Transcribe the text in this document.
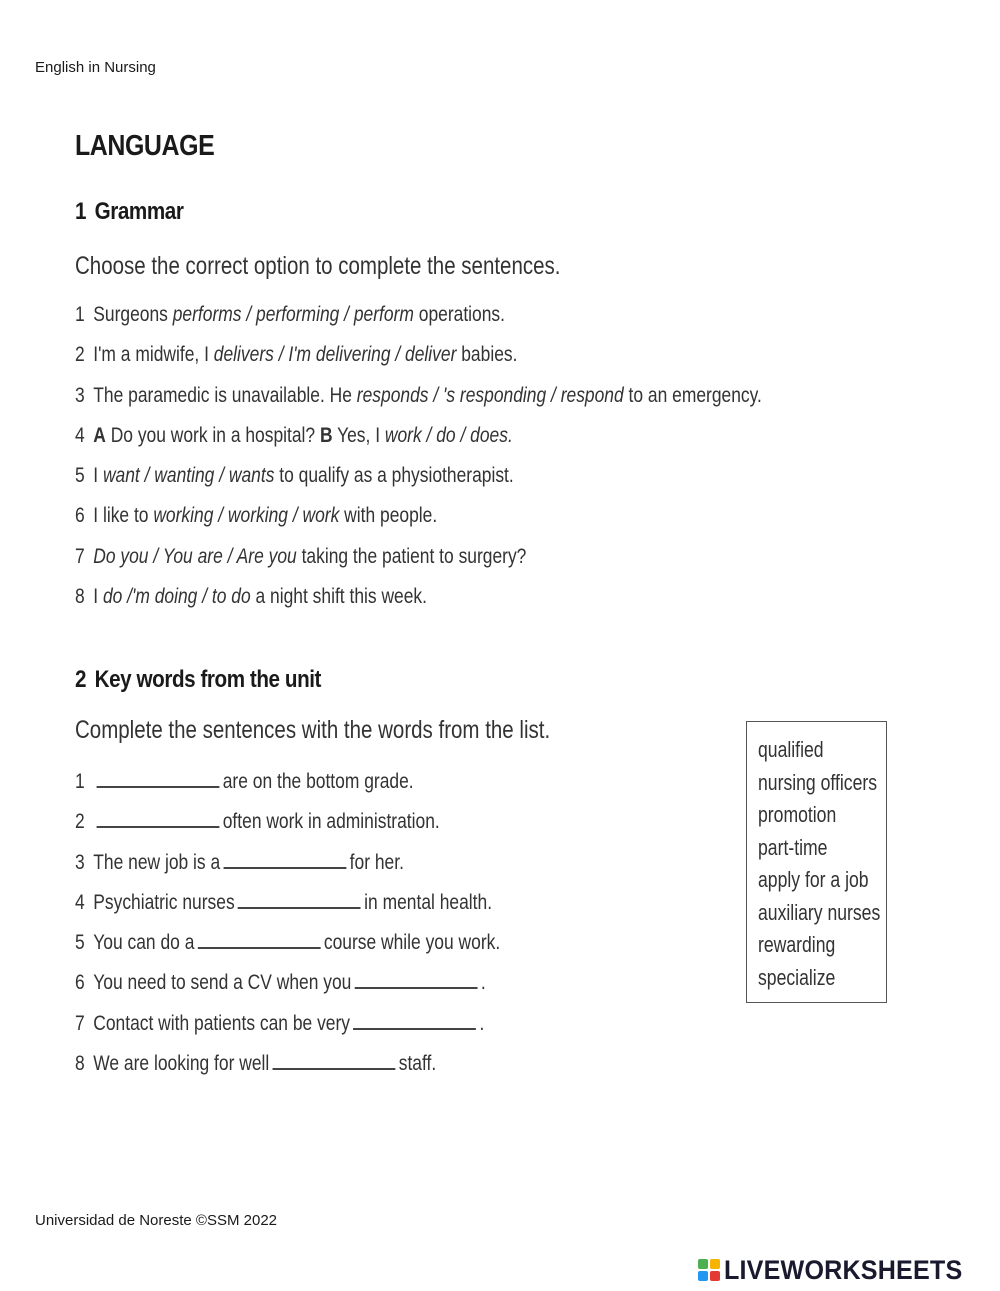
English in Nursing
LANGUAGE
1 Grammar
Choose the correct option to complete the sentences.
1 Surgeons performs / performing / perform operations.
2 I'm a midwife, I delivers / I'm delivering / deliver babies.
3 The paramedic is unavailable. He responds / 's responding / respond to an emergency.
4 A Do you work in a hospital? B Yes, I work / do / does.
5 I want / wanting / wants to qualify as a physiotherapist.
6 I like to working / working / work with people.
7 Do you / You are / Are you taking the patient to surgery?
8 I do /'m doing / to do a night shift this week.
2 Key words from the unit
Complete the sentences with the words from the list.
1	are on the bottom grade.
2	often work in administration.
3 The new job is a	for her.
4 Psychiatric nurses	in mental health.
5 You can do a	course while you work.
6 You need to send a CV when you	.
7 Contact with patients can be very	.
8 We are looking for well	staff.
qualified
nursing officers
promotion
part-time
apply for a job
auxiliary nurses
rewarding
specialize
Universidad de Noreste ©SSM 2022
LIVEWORKSHEETS
